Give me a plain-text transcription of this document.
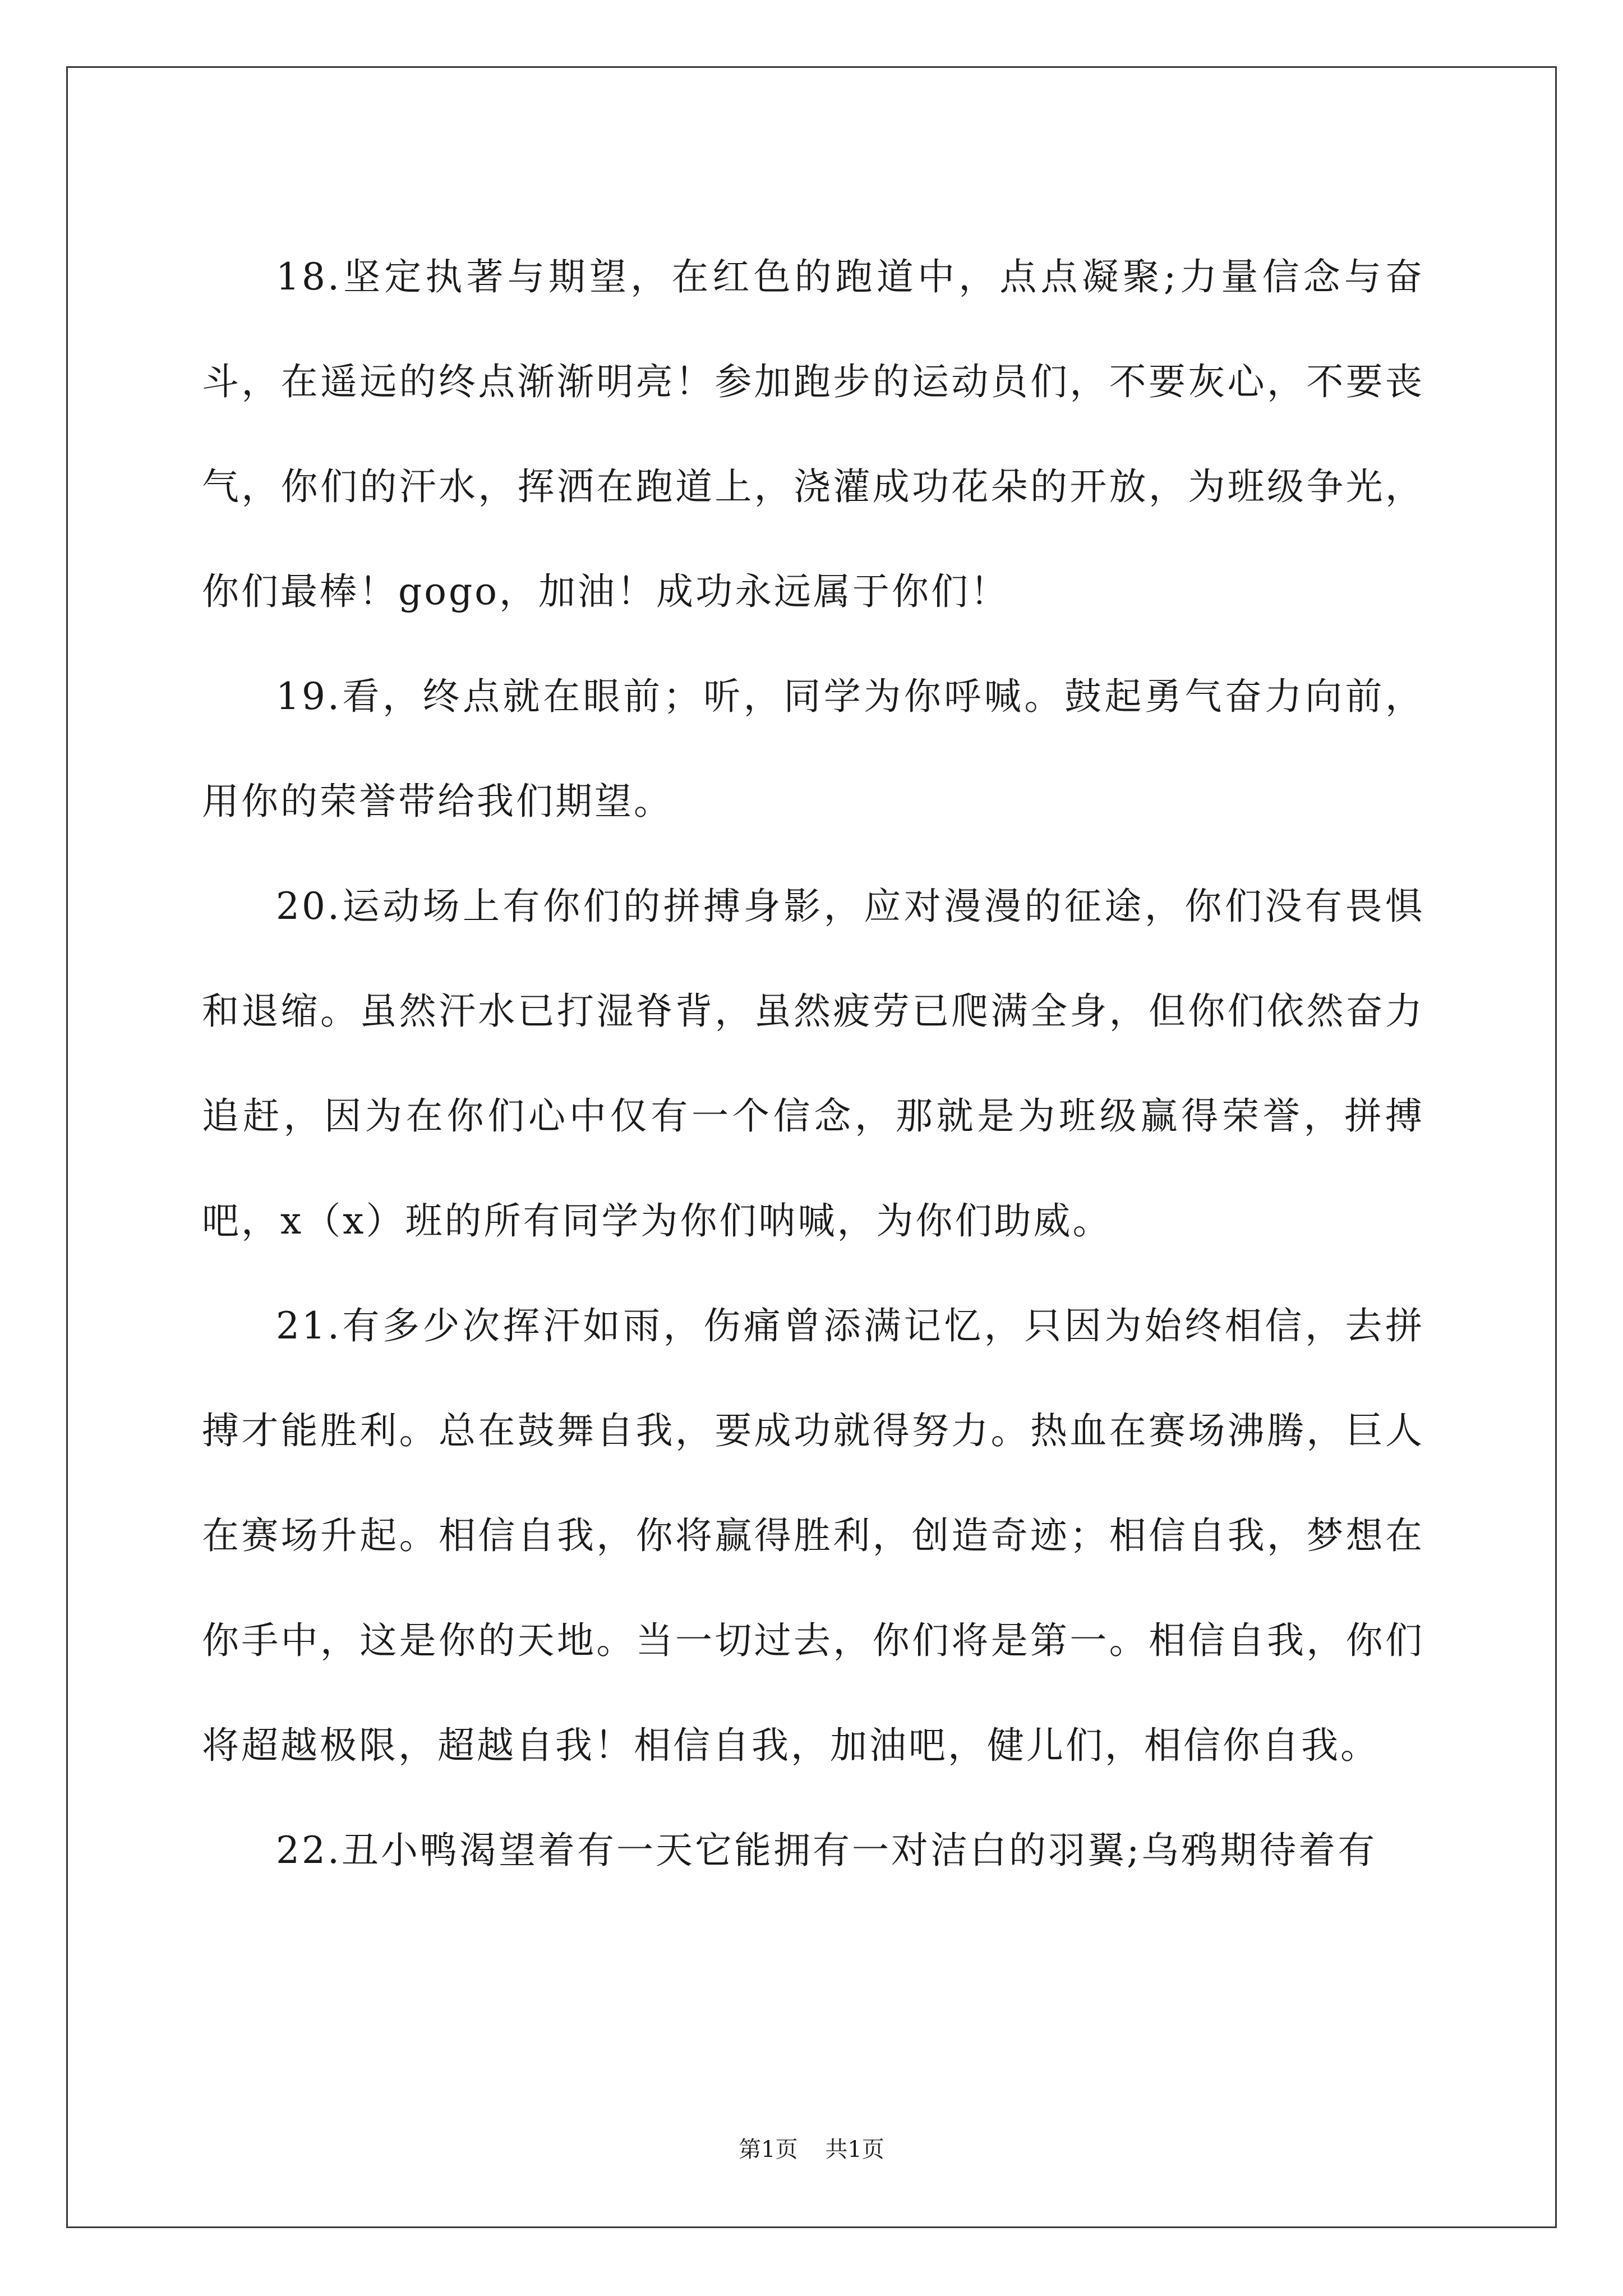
18.坚定执著与期望，在红色的跑道中，点点凝聚;力量信念与奋斗，在遥远的终点渐渐明亮！参加跑步的运动员们，不要灰心，不要丧气，你们的汗水，挥洒在跑道上，浇灌成功花朵的开放，为班级争光，你们最棒！gogo，加油！成功永远属于你们！

19.看，终点就在眼前；听，同学为你呼喊。鼓起勇气奋力向前，用你的荣誉带给我们期望。

20.运动场上有你们的拼搏身影，应对漫漫的征途，你们没有畏惧和退缩。虽然汗水已打湿脊背，虽然疲劳已爬满全身，但你们依然奋力追赶，因为在你们心中仅有一个信念，那就是为班级赢得荣誉，拼搏吧，x（x）班的所有同学为你们呐喊，为你们助威。

21.有多少次挥汗如雨，伤痛曾添满记忆，只因为始终相信，去拼搏才能胜利。总在鼓舞自我，要成功就得努力。热血在赛场沸腾，巨人在赛场升起。相信自我，你将赢得胜利，创造奇迹；相信自我，梦想在你手中，这是你的天地。当一切过去，你们将是第一。相信自我，你们将超越极限，超越自我！相信自我，加油吧，健儿们，相信你自我。

22.丑小鸭渴望着有一天它能拥有一对洁白的羽翼;乌鸦期待着有

第1页 共1页
